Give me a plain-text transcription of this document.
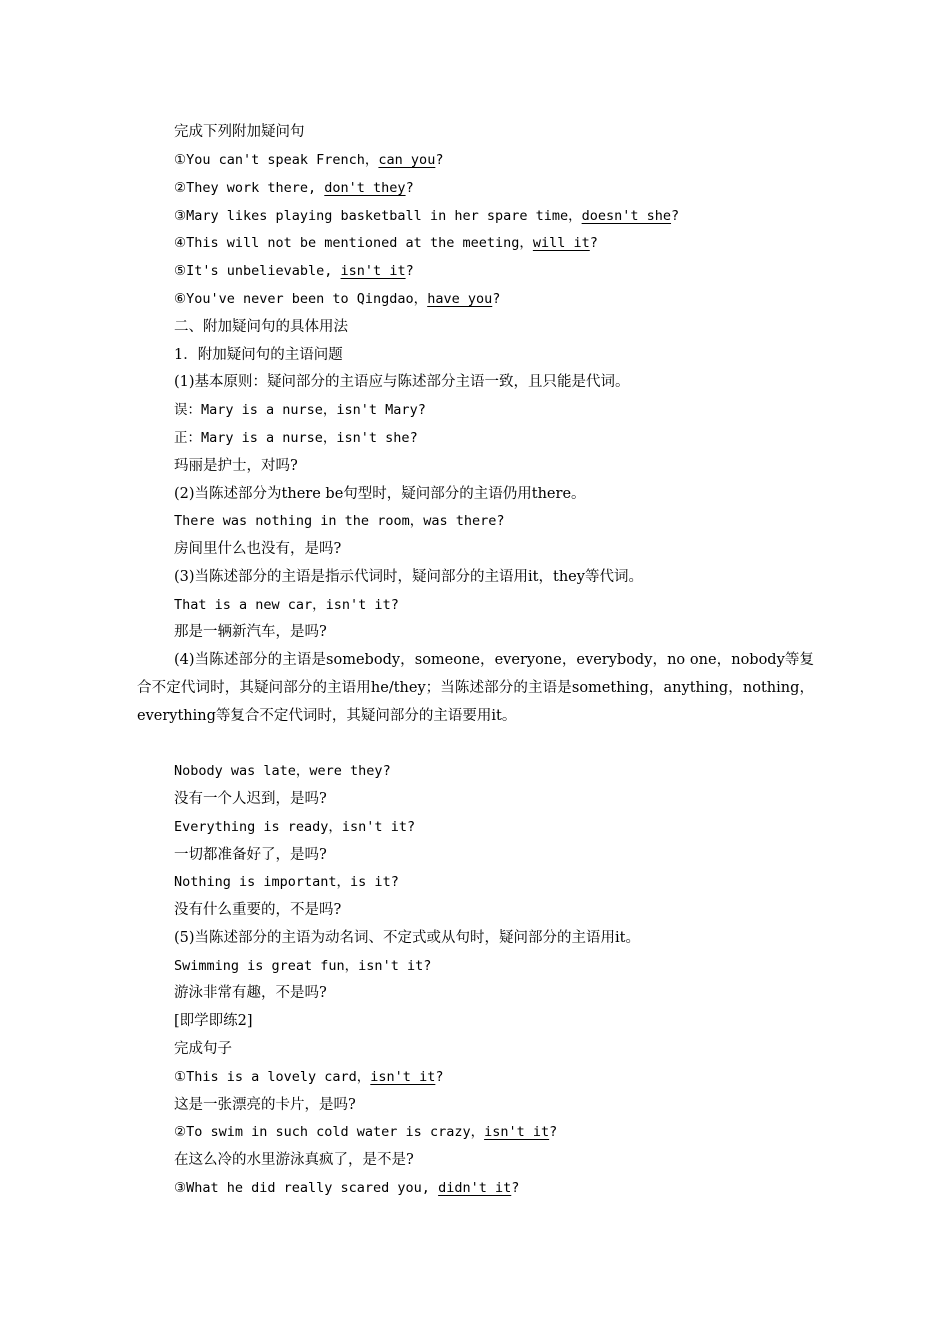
完成下列附加疑问句
①You can't speak French，can you?
②They work there, don't they?
③Mary likes playing basketball in her spare time，doesn't she?
④This will not be mentioned at the meeting，will it?
⑤It's unbelievable, isn't it?
⑥You've never been to Qingdao，have you?
二、附加疑问句的具体用法
1．附加疑问句的主语问题
(1)基本原则：疑问部分的主语应与陈述部分主语一致，且只能是代词。
误：Mary is a nurse，isn't Mary?
正：Mary is a nurse，isn't she?
玛丽是护士，对吗?
(2)当陈述部分为there be句型时，疑问部分的主语仍用there。
There was nothing in the room，was there?
房间里什么也没有，是吗?
(3)当陈述部分的主语是指示代词时，疑问部分的主语用it，they等代词。
That is a new car，isn't it?
那是一辆新汽车，是吗?
(4)当陈述部分的主语是somebody，someone，everyone，everybody，no one，nobody等复合不定代词时，其疑问部分的主语用he/they；当陈述部分的主语是something，anything，nothing，everything等复合不定代词时，其疑问部分的主语要用it。
Nobody was late，were they?
没有一个人迟到，是吗?
Everything is ready，isn't it?
一切都准备好了，是吗?
Nothing is important，is it?
没有什么重要的，不是吗?
(5)当陈述部分的主语为动名词、不定式或从句时，疑问部分的主语用it。
Swimming is great fun，isn't it?
游泳非常有趣，不是吗?
[即学即练2]
完成句子
①This is a lovely card，isn't it?
这是一张漂亮的卡片，是吗?
②To swim in such cold water is crazy，isn't it?
在这么冷的水里游泳真疯了，是不是?
③What he did really scared you, didn't it?
